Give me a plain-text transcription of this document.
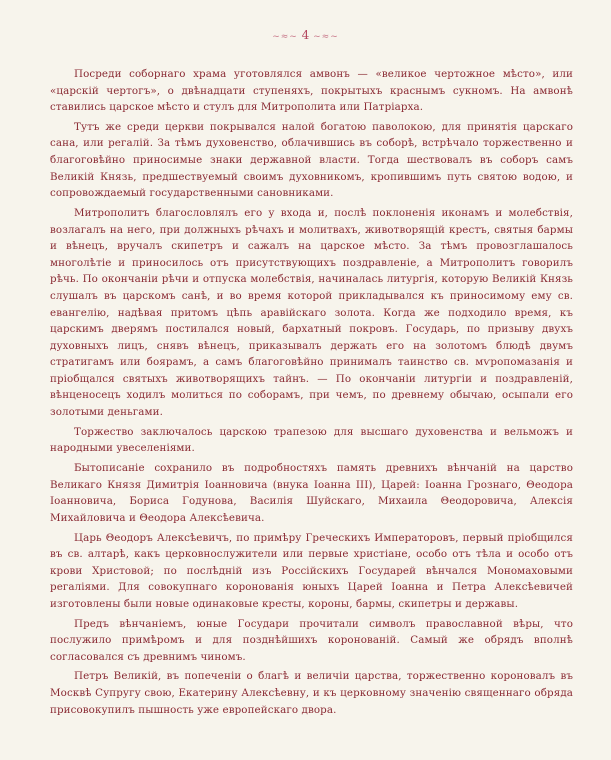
~≈~ 4 ~≈~

Посреди соборнаго храма уготовлялся амвонъ — «великое чертожное мѣсто», или «царскій чертогъ», о двѣнадцати ступеняхъ, покрытыхъ краснымъ сукномъ. На амвонѣ ставились царское мѣсто и стулъ для Митрополита или Патріарха.

Тутъ же среди церкви покрывался налой богатою паволокою, для принятія царскаго сана, или регалій. За тѣмъ духовенство, облачившись въ соборѣ, встрѣчало торжественно и благоговѣйно приносимые знаки державной власти. Тогда шествовалъ въ соборъ самъ Великій Князь, предшествуемый своимъ духовникомъ, кропившимъ путь святою водою, и сопровождаемый государственными сановниками.

Митрополитъ благословлялъ его у входа и, послѣ поклоненія иконамъ и молебствія, возлагалъ на него, при должныхъ рѣчахъ и молитвахъ, животворящій крестъ, святыя бармы и вѣнецъ, вручалъ скипетръ и сажалъ на царское мѣсто. За тѣмъ провозглашалось многолѣтіе и приносилось отъ присутствующихъ поздравленіе, а Митрополитъ говорилъ рѣчь. По окончаніи рѣчи и отпуска молебствія, начиналась литургія, которую Великій Князь слушалъ въ царскомъ санѣ, и во время которой прикладывался къ приносимому ему св. евангелію, надѣвая притомъ цѣпь аравійскаго золота. Когда же подходило время, къ царскимъ дверямъ постилался новый, бархатный покровъ. Государь, по призыву двухъ духовныхъ лицъ, снявъ вѣнецъ, приказывалъ держать его на золотомъ блюдѣ двумъ стратигамъ или боярамъ, а самъ благоговѣйно принималъ таинство св. мѵропомазанія и пріобщался святыхъ животворящихъ тайнъ. — По окончаніи литургіи и поздравленій, вѣнценосецъ ходилъ молиться по соборамъ, при чемъ, по древнему обычаю, осыпали его золотыми деньгами.

Торжество заключалось царскою трапезою для высшаго духовенства и вельможъ и народными увеселеніями.

Бытописаніе сохранило въ подробностяхъ память древнихъ вѣнчаній на царство Великаго Князя Димитрія Іоанновича (внука Іоанна III), Царей: Іоанна Грознаго, Θеодора Іоанновича, Бориса Годунова, Василія Шуйскаго, Михаила Θеодоровича, Алексія Михайловича и Θеодора Алексѣевича.

Царь Θеодоръ Алексѣевичъ, по примѣру Греческихъ Императоровъ, первый пріобщился въ св. алтарѣ, какъ церковнослужители или первые христіане, особо отъ тѣла и особо отъ крови Христовой; по послѣдній изъ Россійскихъ Государей вѣнчался Мономаховыми регаліями. Для совокупнаго коронованія юныхъ Царей Іоанна и Петра Алексѣевичей изготовлены были новые одинаковые кресты, короны, бармы, скипетры и державы.

Предъ вѣнчаніемъ, юные Государи прочитали символъ православной вѣры, что послужило примѣромъ и для позднѣйшихъ коронованій. Самый же обрядъ вполнѣ согласовался съ древнимъ чиномъ.

Петръ Великій, въ попеченіи о благѣ и величіи царства, торжественно короновалъ въ Москвѣ Супругу свою, Екатерину Алексѣевну, и къ церковному значенію священнаго обряда присовокупилъ пышность уже европейскаго двора.
